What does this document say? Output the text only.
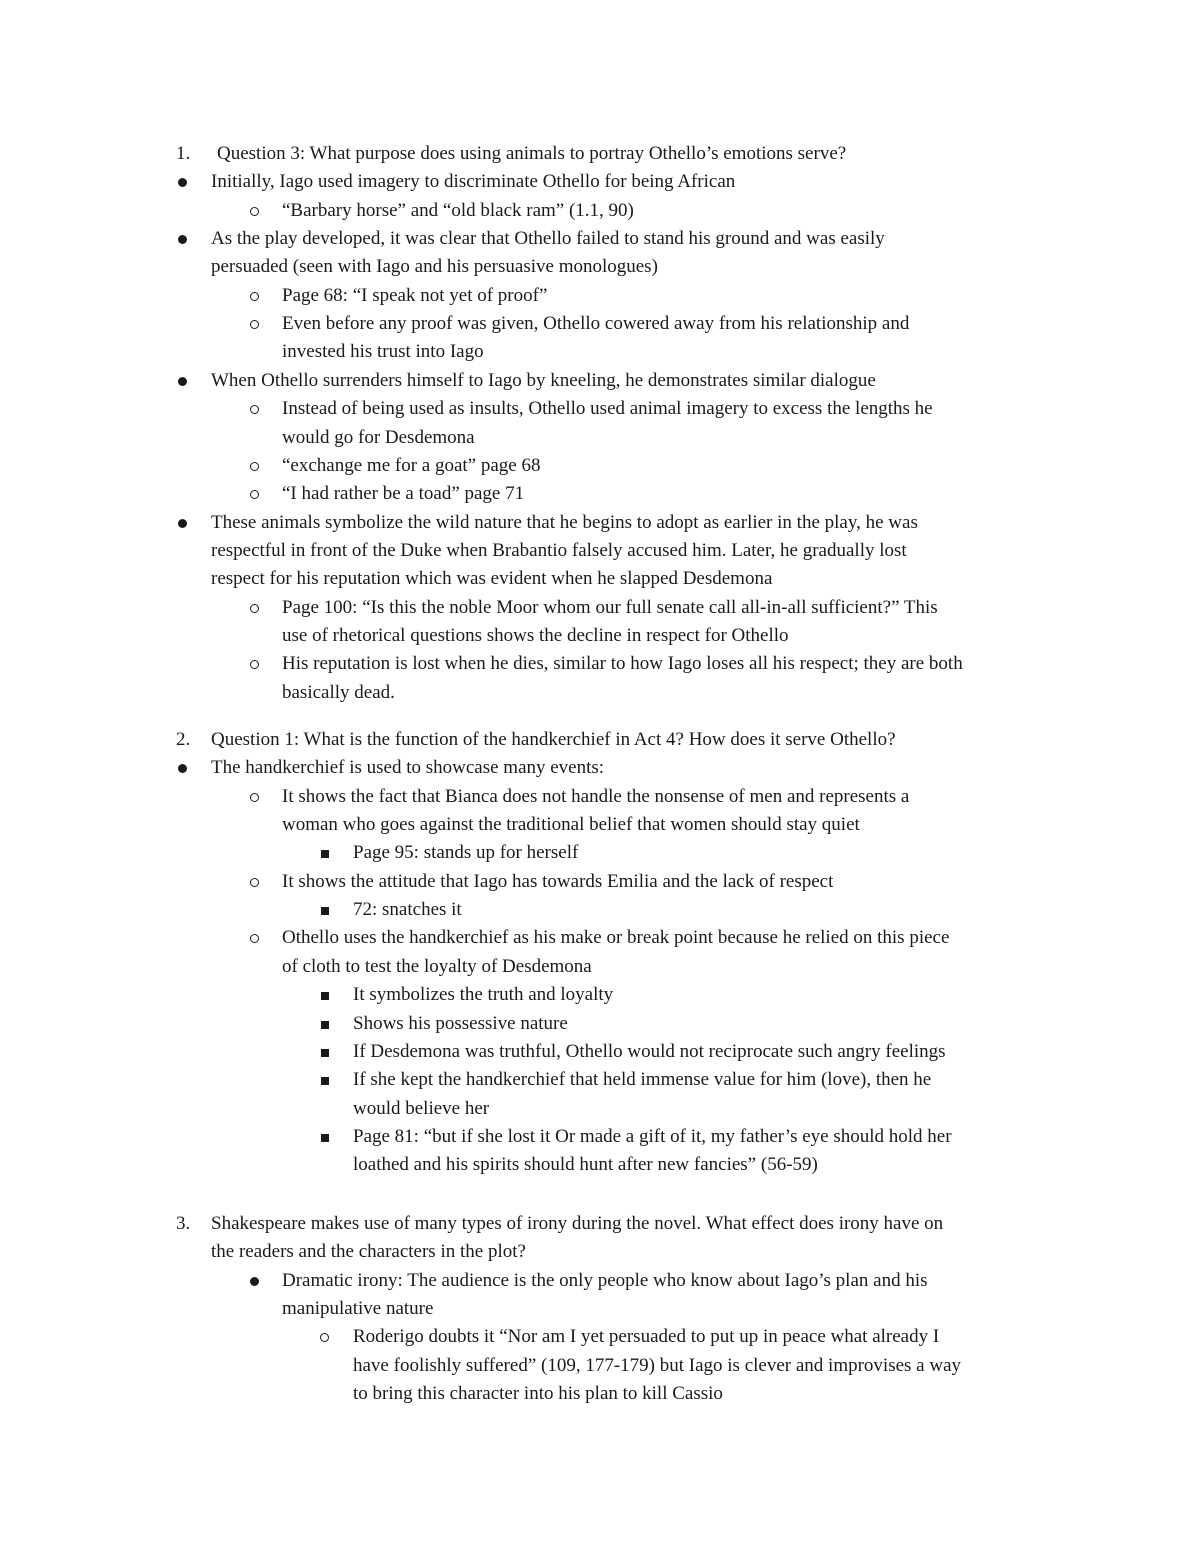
1. Question 3: What purpose does using animals to portray Othello’s emotions serve?
Initially, Iago used imagery to discriminate Othello for being African
“Barbary horse” and “old black ram” (1.1, 90)
As the play developed, it was clear that Othello failed to stand his ground and was easily
persuaded (seen with Iago and his persuasive monologues)
Page 68: “I speak not yet of proof”
Even before any proof was given, Othello cowered away from his relationship and
invested his trust into Iago
When Othello surrenders himself to Iago by kneeling, he demonstrates similar dialogue
Instead of being used as insults, Othello used animal imagery to excess the lengths he
would go for Desdemona
“exchange me for a goat” page 68
“I had rather be a toad” page 71
These animals symbolize the wild nature that he begins to adopt as earlier in the play, he was
respectful in front of the Duke when Brabantio falsely accused him. Later, he gradually lost
respect for his reputation which was evident when he slapped Desdemona
Page 100: “Is this the noble Moor whom our full senate call all-in-all sufficient?” This
use of rhetorical questions shows the decline in respect for Othello
His reputation is lost when he dies, similar to how Iago loses all his respect; they are both
basically dead.
2. Question 1: What is the function of the handkerchief in Act 4? How does it serve Othello?
The handkerchief is used to showcase many events:
It shows the fact that Bianca does not handle the nonsense of men and represents a
woman who goes against the traditional belief that women should stay quiet
Page 95: stands up for herself
It shows the attitude that Iago has towards Emilia and the lack of respect
72: snatches it
Othello uses the handkerchief as his make or break point because he relied on this piece
of cloth to test the loyalty of Desdemona
It symbolizes the truth and loyalty
Shows his possessive nature
If Desdemona was truthful, Othello would not reciprocate such angry feelings
If she kept the handkerchief that held immense value for him (love), then he
would believe her
Page 81: “but if she lost it Or made a gift of it, my father’s eye should hold her
loathed and his spirits should hunt after new fancies” (56-59)
3. Shakespeare makes use of many types of irony during the novel. What effect does irony have on
the readers and the characters in the plot?
Dramatic irony: The audience is the only people who know about Iago’s plan and his
manipulative nature
Roderigo doubts it “Nor am I yet persuaded to put up in peace what already I
have foolishly suffered” (109, 177-179) but Iago is clever and improvises a way
to bring this character into his plan to kill Cassio
